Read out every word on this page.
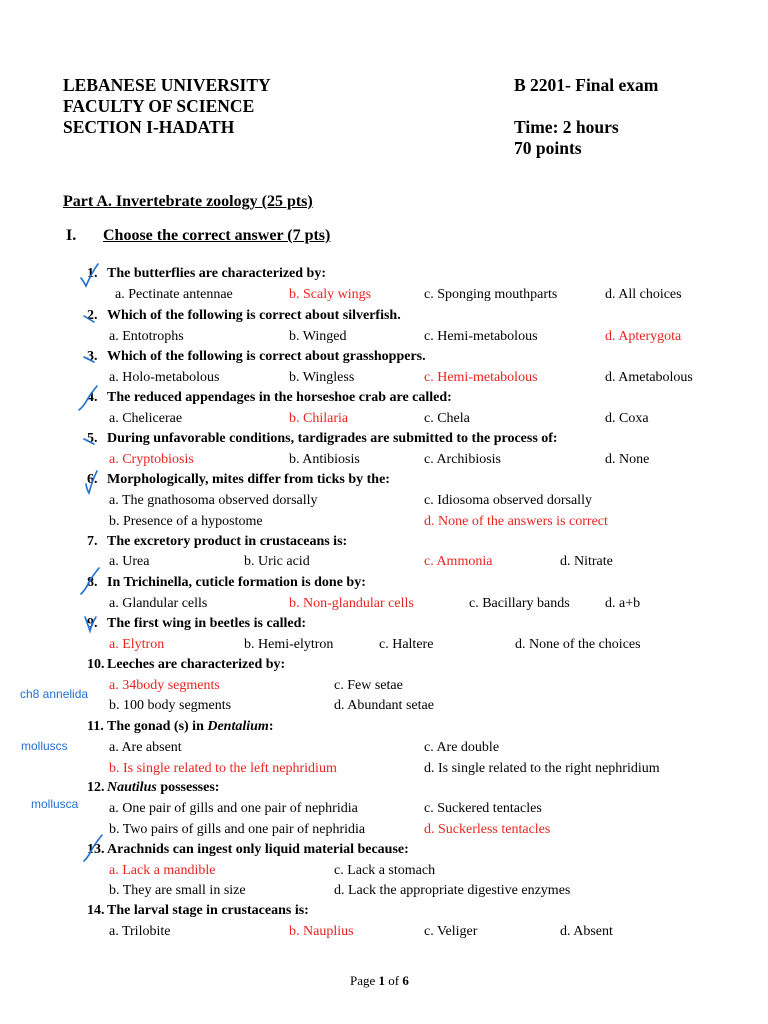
LEBANESE UNIVERSITY
FACULTY OF SCIENCE
SECTION I-HADATH
B 2201- Final exam
Time: 2 hours
70 points
Part A. Invertebrate zoology (25 pts)
I. Choose the correct answer (7 pts)
1. The butterflies are characterized by:
a. Pectinate antennae	b. Scaly wings	c. Sponging mouthparts	d. All choices
2. Which of the following is correct about silverfish.
a. Entotrophs	b. Winged	c. Hemi-metabolous	d. Apterygota
3. Which of the following is correct about grasshoppers.
a. Holo-metabolous	b. Wingless	c. Hemi-metabolous	d. Ametabolous
4. The reduced appendages in the horseshoe crab are called:
a. Chelicerae	b. Chilaria	c. Chela	d. Coxa
5. During unfavorable conditions, tardigrades are submitted to the process of:
a. Cryptobiosis	b. Antibiosis	c. Archibiosis	d. None
6. Morphologically, mites differ from ticks by the:
a. The gnathosoma observed dorsally	c. Idiosoma observed dorsally
b. Presence of a hypostome	d. None of the answers is correct
7. The excretory product in crustaceans is:
a. Urea	b. Uric acid	c. Ammonia	d. Nitrate
8. In Trichinella, cuticle formation is done by:
a. Glandular cells	b. Non-glandular cells	c. Bacillary bands	d. a+b
9. The first wing in beetles is called:
a. Elytron	b. Hemi-elytron	c. Haltere	d. None of the choices
10. Leeches are characterized by:
a. 34body segments	c. Few setae
b. 100 body segments	d. Abundant setae
11. The gonad (s) in Dentalium:
a. Are absent	c. Are double
b. Is single related to the left nephridium	d. Is single related to the right nephridium
12. Nautilus possesses:
a. One pair of gills and one pair of nephridia	c. Suckered tentacles
b. Two pairs of gills and one pair of nephridia	d. Suckerless tentacles
13. Arachnids can ingest only liquid material because:
a. Lack a mandible	c. Lack a stomach
b. They are small in size	d. Lack the appropriate digestive enzymes
14. The larval stage in crustaceans is:
a. Trilobite	b. Nauplius	c. Veliger	d. Absent
ch8 annelida
molluscs
mollusca
Page 1 of 6
